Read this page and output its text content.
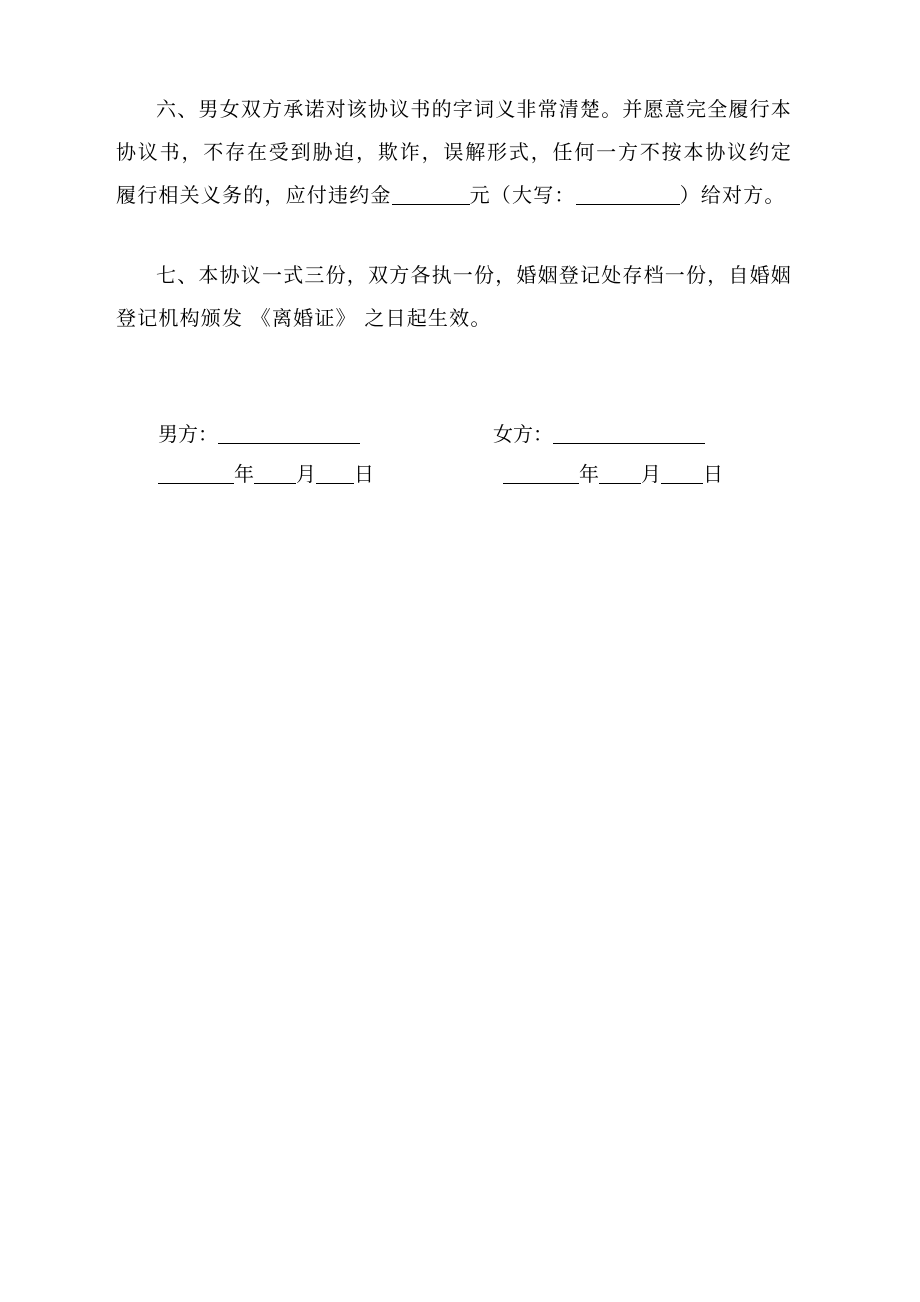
六、男女双方承诺对该协议书的字词义非常清楚。并愿意完全履行本协议书，不存在受到胁迫，欺诈，误解形式，任何一方不按本协议约定履行相关义务的，应付违约金	元（大写：	）给对方。

七、本协议一式三份，双方各执一份，婚姻登记处存档一份，自婚姻登记机构颁发 《离婚证》 之日起生效。

男方：	女方：
年 月 日	年 月 日
